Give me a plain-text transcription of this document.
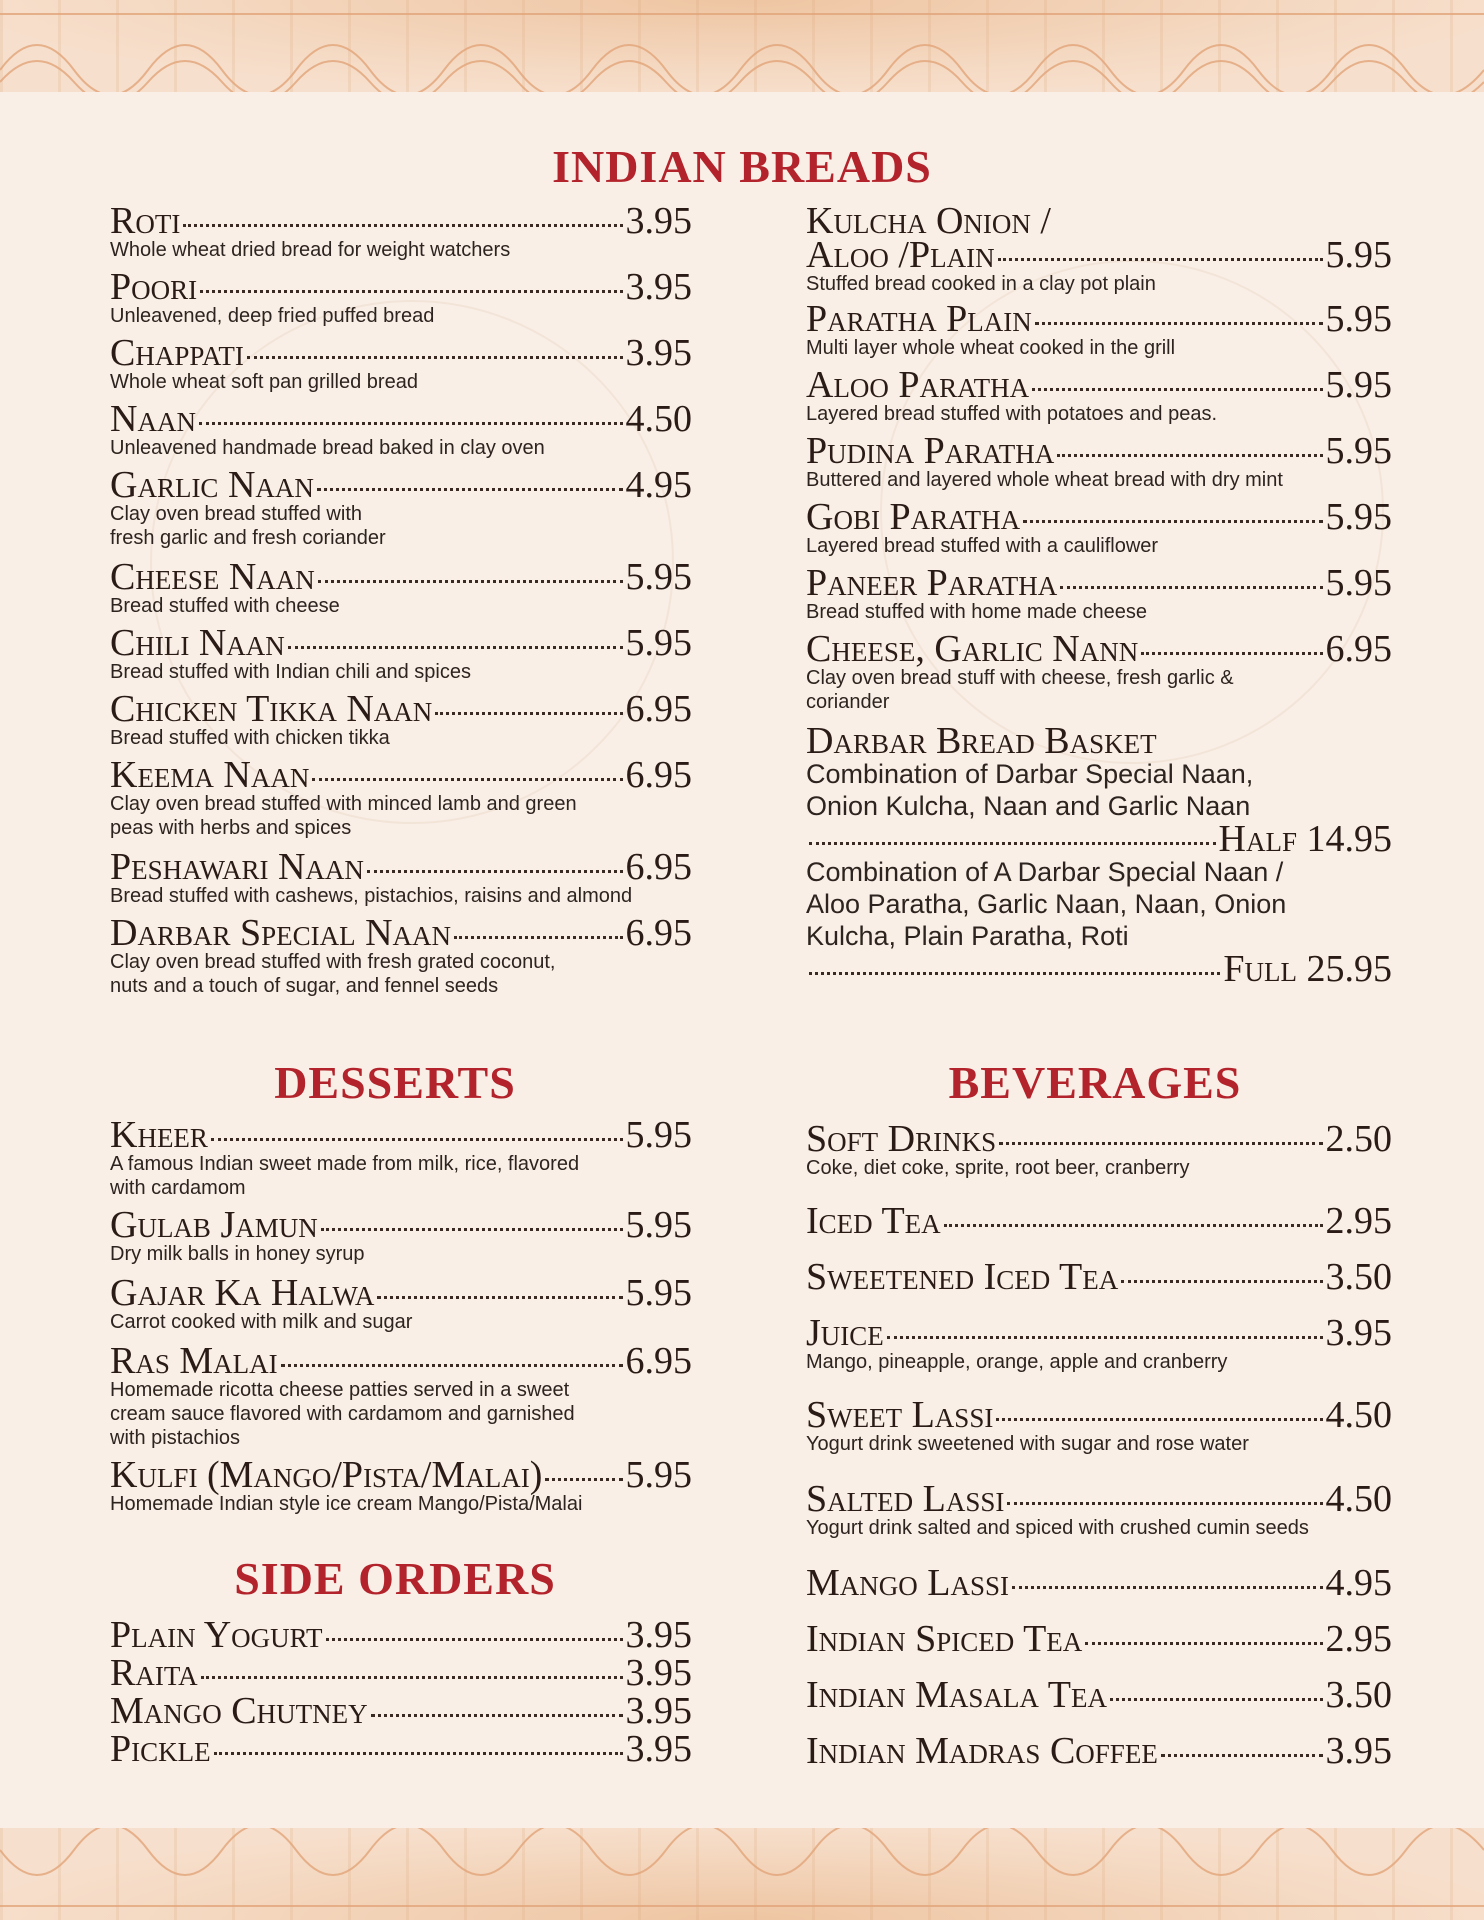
INDIAN BREADS
Roti	3.95
Whole wheat dried bread for weight watchers
Poori	3.95
Unleavened, deep fried puffed bread
Chappati	3.95
Whole wheat soft pan grilled bread
Naan	4.50
Unleavened handmade bread baked in clay oven
Garlic Naan	4.95
Clay oven bread stuffed with
fresh garlic and fresh coriander
Cheese Naan	5.95
Bread stuffed with cheese
Chili Naan	5.95
Bread stuffed with Indian chili and spices
Chicken Tikka Naan	6.95
Bread stuffed with chicken tikka
Keema Naan	6.95
Clay oven bread stuffed with minced lamb and green
peas with herbs and spices
Peshawari Naan	6.95
Bread stuffed with cashews, pistachios, raisins and almond
Darbar Special Naan	6.95
Clay oven bread stuffed with fresh grated coconut,
nuts and a touch of sugar, and fennel seeds
Kulcha Onion /
Aloo /Plain	5.95
Stuffed bread cooked in a clay pot plain
Paratha Plain	5.95
Multi layer whole wheat cooked in the grill
Aloo Paratha	5.95
Layered bread stuffed with potatoes and peas.
Pudina Paratha	5.95
Buttered and layered whole wheat bread with dry mint
Gobi Paratha	5.95
Layered bread stuffed with a cauliflower
Paneer Paratha	5.95
Bread stuffed with home made cheese
Cheese, Garlic Nann	6.95
Clay oven bread stuff with cheese, fresh garlic &
coriander
Darbar Bread Basket
Combination of Darbar Special Naan,
Onion Kulcha, Naan and Garlic Naan
Half 14.95
Combination of A Darbar Special Naan /
Aloo Paratha, Garlic Naan, Naan, Onion
Kulcha, Plain Paratha, Roti
Full 25.95
DESSERTS
Kheer	5.95
A famous Indian sweet made from milk, rice, flavored
with cardamom
Gulab Jamun	5.95
Dry milk balls in honey syrup
Gajar Ka Halwa	5.95
Carrot cooked with milk and sugar
Ras Malai	6.95
Homemade ricotta cheese patties served in a sweet
cream sauce flavored with cardamom and garnished
with pistachios
Kulfi (Mango/Pista/Malai) 5.95
Homemade Indian style ice cream Mango/Pista/Malai
SIDE ORDERS
Plain Yogurt	3.95
Raita	3.95
Mango Chutney	3.95
Pickle	3.95
BEVERAGES
Soft Drinks	2.50
Coke, diet coke, sprite, root beer, cranberry
Iced Tea	2.95
Sweetened Iced Tea	3.50
Juice	3.95
Mango, pineapple, orange, apple and cranberry
Sweet Lassi	4.50
Yogurt drink sweetened with sugar and rose water
Salted Lassi	4.50
Yogurt drink salted and spiced with crushed cumin seeds
Mango Lassi	4.95
Indian Spiced Tea	2.95
Indian Masala Tea	3.50
Indian Madras Coffee	3.95
